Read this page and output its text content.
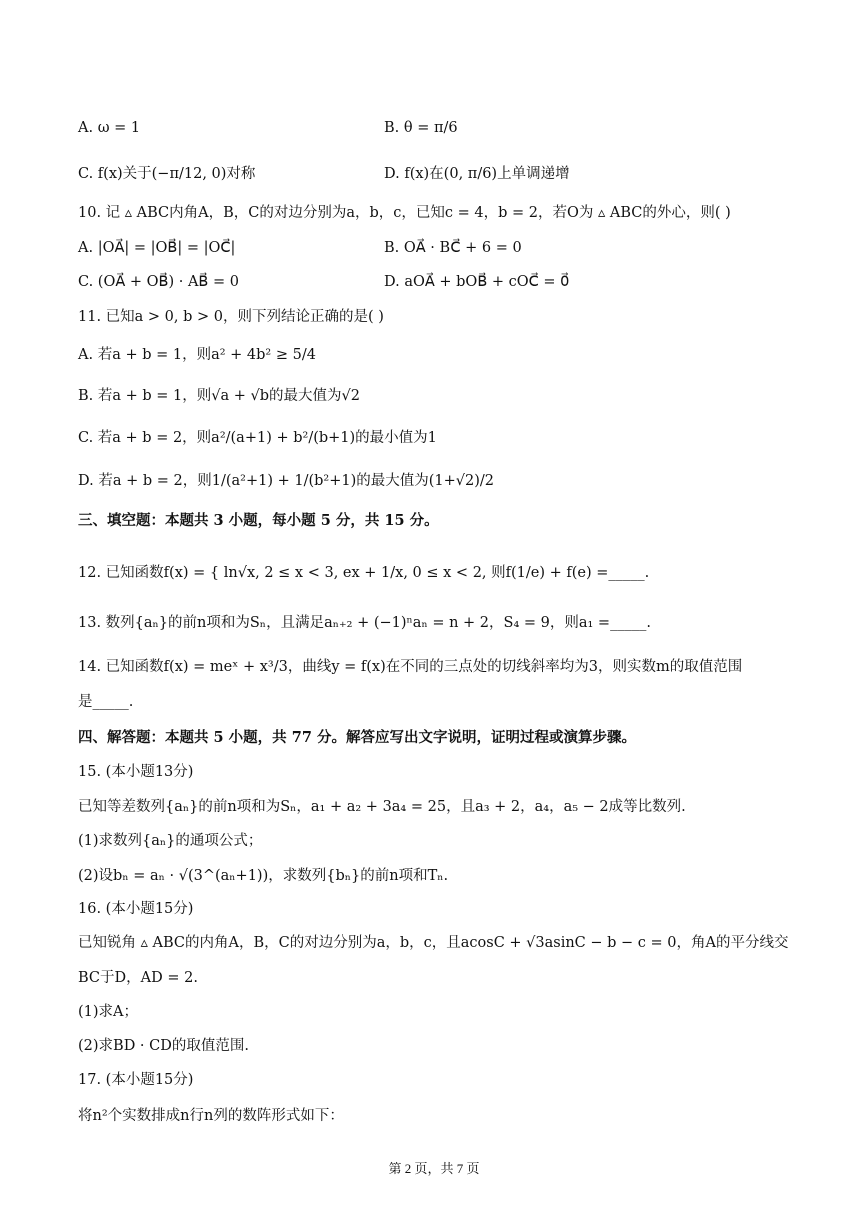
A. ω = 1	B. θ = π/6
C. f(x)关于(−π/12, 0)对称	D. f(x)在(0, π/6)上单调递增
10. 记 ▵ ABC内角A，B，C的对边分别为a，b，c，已知c = 4，b = 2，若O为 ▵ ABC的外心，则( )
A. |OA⃗| = |OB⃗| = |OC⃗|	B. OA⃗ · BC⃗ + 6 = 0
C. (OA⃗ + OB⃗) · AB⃗ = 0	D. aOA⃗ + bOB⃗ + cOC⃗ = 0⃗
11. 已知a > 0, b > 0，则下列结论正确的是( )
A. 若a + b = 1，则a² + 4b² ≥ 5/4
B. 若a + b = 1，则√a + √b的最大值为√2
C. 若a + b = 2，则a²/(a+1) + b²/(b+1)的最小值为1
D. 若a + b = 2，则1/(a²+1) + 1/(b²+1)的最大值为(1+√2)/2
三、填空题：本题共 3 小题，每小题 5 分，共 15 分。
12. 已知函数f(x) = { ln√x, 2 ≤ x < 3, ex + 1/x, 0 ≤ x < 2, 则f(1/e) + f(e) =_____.
13. 数列{aₙ}的前n项和为Sₙ，且满足aₙ₊₂ + (−1)ⁿaₙ = n + 2，S₄ = 9，则a₁ =_____.
14. 已知函数f(x) = meˣ + x³/3，曲线y = f(x)在不同的三点处的切线斜率均为3，则实数m的取值范围
是_____.
四、解答题：本题共 5 小题，共 77 分。解答应写出文字说明，证明过程或演算步骤。
15. (本小题13分)
已知等差数列{aₙ}的前n项和为Sₙ，a₁ + a₂ + 3a₄ = 25，且a₃ + 2，a₄，a₅ − 2成等比数列.
(1)求数列{aₙ}的通项公式；
(2)设bₙ = aₙ · √(3^(aₙ+1))，求数列{bₙ}的前n项和Tₙ.
16. (本小题15分)
已知锐角 ▵ ABC的内角A，B，C的对边分别为a，b，c，且acosC + √3asinC − b − c = 0，角A的平分线交
BC于D，AD = 2.
(1)求A；
(2)求BD · CD的取值范围.
17. (本小题15分)
将n²个实数排成n行n列的数阵形式如下：
第 2 页，共 7 页
